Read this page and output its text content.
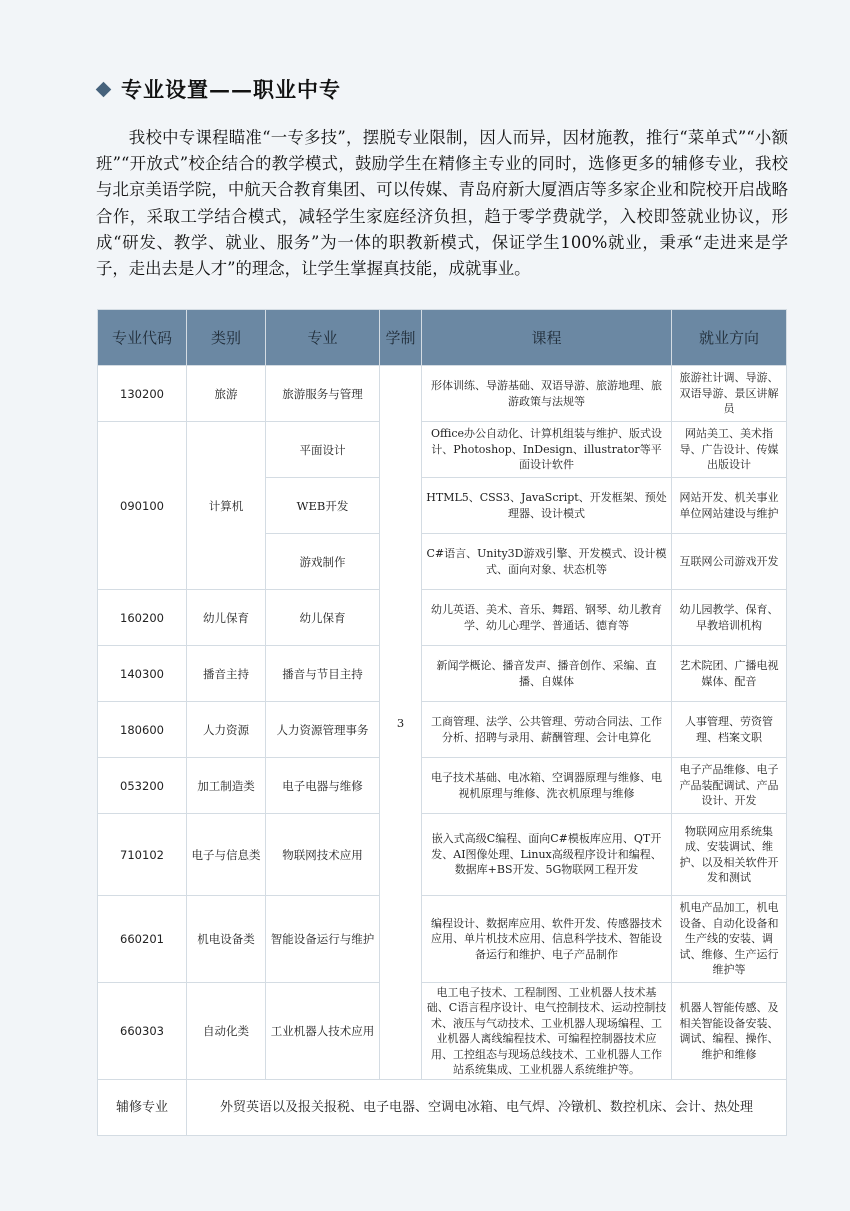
专业设置——职业中专

我校中专课程瞄准“一专多技”，摆脱专业限制，因人而异，因材施教，推行“菜单式”“小额班”“开放式”校企结合的教学模式，鼓励学生在精修主专业的同时，选修更多的辅修专业，我校与北京美语学院，中航天合教育集团、可以传媒、青岛府新大厦酒店等多家企业和院校开启战略合作，采取工学结合模式，减轻学生家庭经济负担，趋于零学费就学，入校即签就业协议，形成“研发、教学、就业、服务”为一体的职教新模式，保证学生100%就业，秉承“走进来是学子，走出去是人才”的理念，让学生掌握真技能，成就事业。

专业代码	类别	专业	学制	课程	就业方向
130200	旅游	旅游服务与管理	3	形体训练、导游基础、双语导游、旅游地理、旅游政策与法规等	旅游社计调、导游、双语导游、景区讲解员
090100	计算机	平面设计		Office办公自动化、计算机组装与维护、版式设计、Photoshop、InDesign、illustrator等平面设计软件	网站美工、美术指导、广告设计、传媒出版设计
		WEB开发		HTML5、CSS3、JavaScript、开发框架、预处理器、设计模式	网站开发、机关事业单位网站建设与维护
		游戏制作		C#语言、Unity3D游戏引擎、开发模式、设计模式、面向对象、状态机等	互联网公司游戏开发
160200	幼儿保育	幼儿保育		幼儿英语、美术、音乐、舞蹈、钢琴、幼儿教育学、幼儿心理学、普通话、德育等	幼儿园教学、保育、早教培训机构
140300	播音主持	播音与节目主持		新闻学概论、播音发声、播音创作、采编、直播、自媒体	艺术院团、广播电视媒体、配音
180600	人力资源	人力资源管理事务		工商管理、法学、公共管理、劳动合同法、工作分析、招聘与录用、薪酬管理、会计电算化	人事管理、劳资管理、档案文职
053200	加工制造类	电子电器与维修		电子技术基础、电冰箱、空调器原理与维修、电视机原理与维修、洗衣机原理与维修	电子产品维修、电子产品装配调试、产品设计、开发
710102	电子与信息类	物联网技术应用		嵌入式高级C编程、面向C#模板库应用、QT开发、AI图像处理、Linux高级程序设计和编程、数据库+BS开发、5G物联网工程开发	物联网应用系统集成、安装调试、维护、以及相关软件开发和测试
660201	机电设备类	智能设备运行与维护		编程设计、数据库应用、软件开发、传感器技术应用、单片机技术应用、信息科学技术、智能设备运行和维护、电子产品制作	机电产品加工，机电设备、自动化设备和生产线的安装、调试、维修、生产运行维护等
660303	自动化类	工业机器人技术应用		电工电子技术、工程制图、工业机器人技术基础、C语言程序设计、电气控制技术、运动控制技术、液压与气动技术、工业机器人现场编程、工业机器人离线编程技术、可编程控制器技术应用、工控组态与现场总线技术、工业机器人工作站系统集成、工业机器人系统维护等。	机器人智能传感、及相关智能设备安装、调试、编程、操作、维护和维修
辅修专业	外贸英语以及报关报税、电子电器、空调电冰箱、电气焊、冷镦机、数控机床、会计、热处理				
